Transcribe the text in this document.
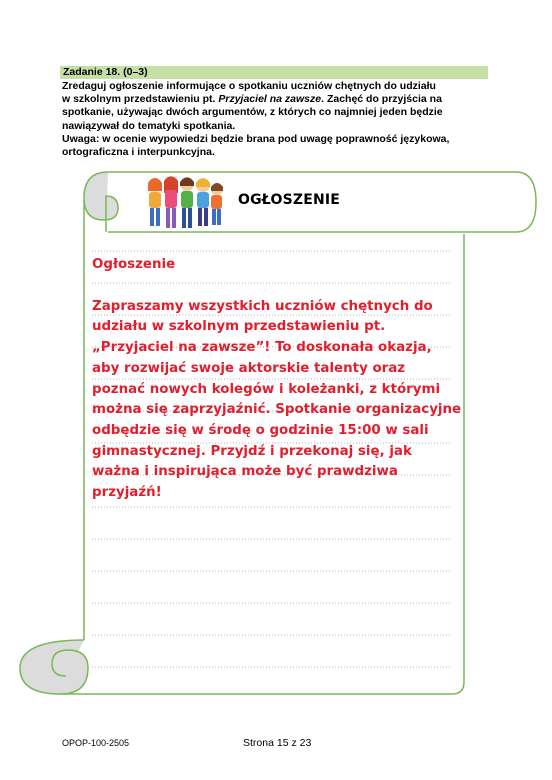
Zadanie 18. (0–3)

Zredaguj ogłoszenie informujące o spotkaniu uczniów chętnych do udziału

w szkolnym przedstawieniu pt. Przyjaciel na zawsze. Zachęć do przyjścia na

spotkanie, używając dwóch argumentów, z których co najmniej jeden będzie

nawiązywał do tematyki spotkania.

Uwaga: w ocenie wypowiedzi będzie brana pod uwagę poprawność językowa,

ortograficzna i interpunkcyjna.

OGŁOSZENIE

Ogłoszenie

Zapraszamy wszystkich uczniów chętnych do udziału w szkolnym przedstawieniu pt. „Przyjaciel na zawsze”! To doskonała okazja, aby rozwijać swoje aktorskie talenty oraz poznać nowych kolegów i koleżanki, z którymi można się zaprzyjaźnić. Spotkanie organizacyjne odbędzie się w środę o godzinie 15:00 w sali gimnastycznej. Przyjdź i przekonaj się, jak ważna i inspirująca może być prawdziwa przyjaźń!

OPOP-100-2505	Strona 15 z 23
